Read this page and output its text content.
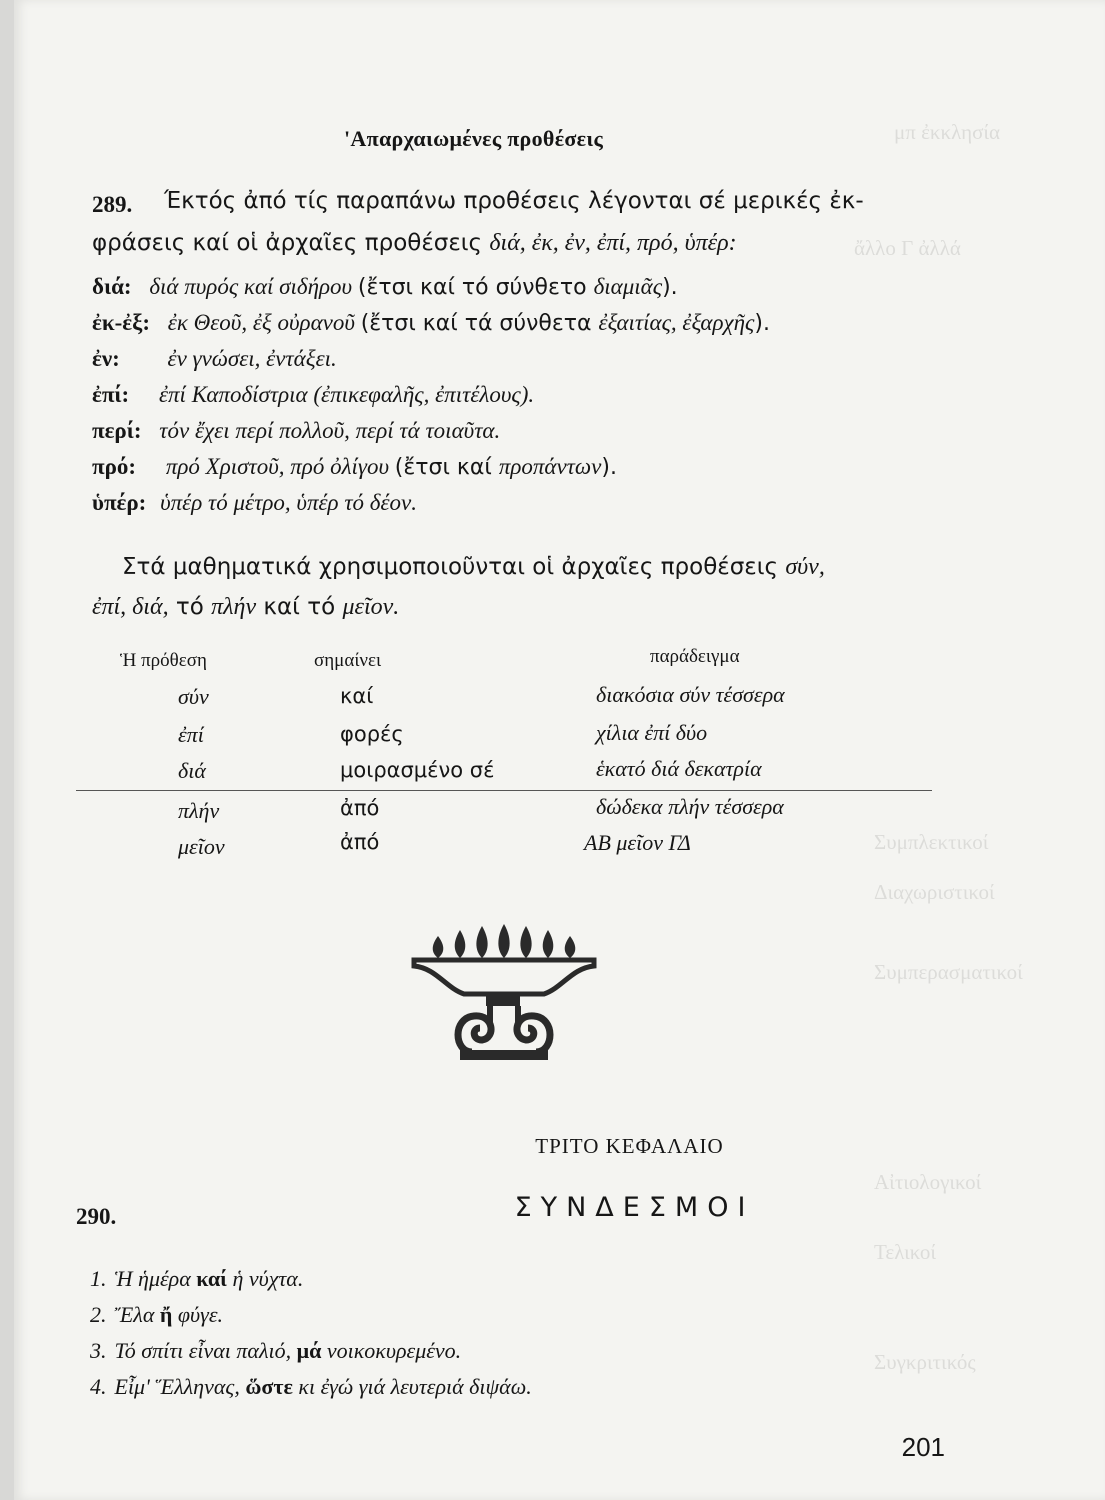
μπ ἐκκλησία
ἄλλο Γ ἀλλά
Συμπλεκτικοί
Διαχωριστικοί
Συμπερασματικοί
Αἰτιολογικοί
Τελικοί
Συγκριτικός
'Απαρχαιωμένες προθέσεις
289. Έκτός ἀπό τίς παραπάνω προθέσεις λέγονται σέ μερικές ἐκ-
φράσεις καί οἱ ἀρχαῖες προθέσεις διά, ἐκ, ἐν, ἐπί, πρό, ὑπέρ:
διά: διά πυρός καί σιδήρου (ἔτσι καί τό σύνθετο διαμιᾶς).
ἐκ-ἐξ: ἐκ Θεοῦ, ἐξ οὐρανοῦ (ἔτσι καί τά σύνθετα ἐξαιτίας, ἐξαρχῆς).
ἐν: ἐν γνώσει, ἐντάξει.
ἐπί: ἐπί Καποδίστρια (ἐπικεφαλῆς, ἐπιτέλους).
περί: τόν ἔχει περί πολλοῦ, περί τά τοιαῦτα.
πρό: πρό Χριστοῦ, πρό ὀλίγου (ἔτσι καί προπάντων).
ὑπέρ: ὑπέρ τό μέτρο, ὑπέρ τό δέον.
Στά μαθηματικά χρησιμοποιοῦνται οἱ ἀρχαῖες προθέσεις σύν,
ἐπί, διά, τό πλήν καί τό μεῖον.
Ἡ πρόθεση	σημαίνει	παράδειγμα
σύν	καί	διακόσια σύν τέσσερα
ἐπί	φορές	χίλια ἐπί δύο
διά	μοιρασμένο σέ	ἑκατό διά δεκατρία
πλήν	ἀπό	δώδεκα πλήν τέσσερα
μεῖον	ἀπό	ΑΒ μεῖον ΓΔ
ΤΡΙΤΟ ΚΕΦΑΛΑΙΟ
290.	ΣΥΝΔΕΣΜΟΙ
1. Ἡ ἡμέρα καί ἡ νύχτα.
2. Ἔλα ἤ φύγε.
3. Τό σπίτι εἶναι παλιό, μά νοικοκυρεμένο.
4. Εἶμ' Ἕλληνας, ὥστε κι ἐγώ γιά λευτεριά διψάω.
201
